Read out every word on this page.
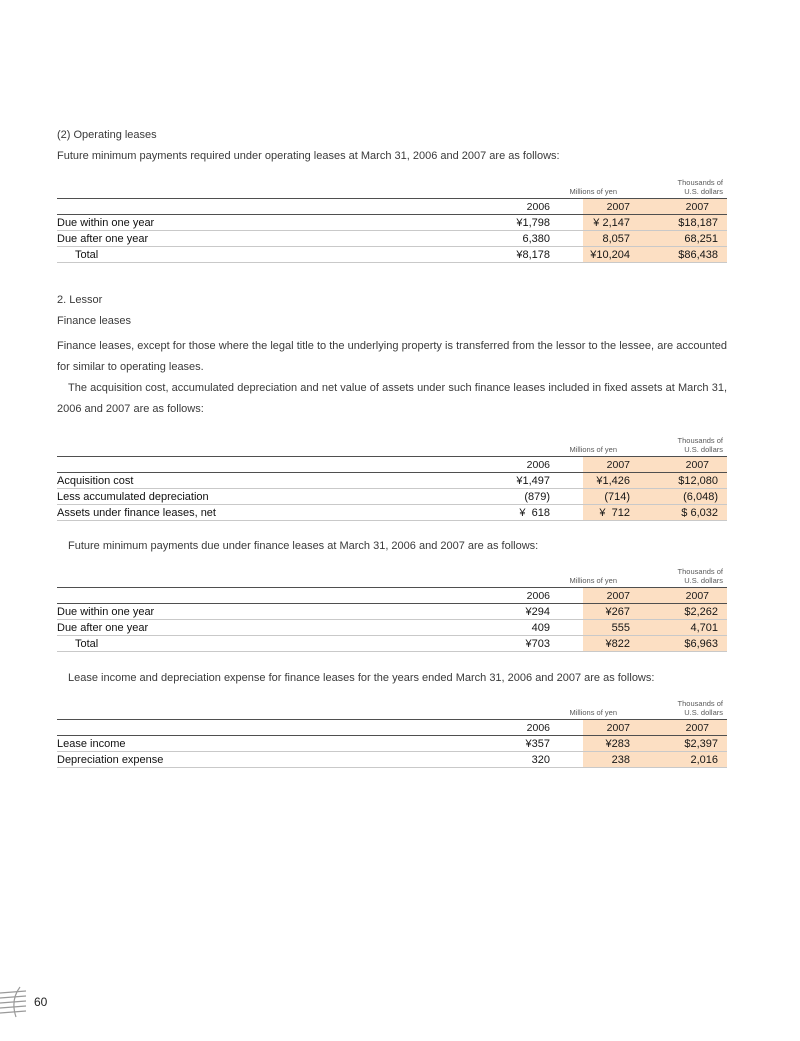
(2) Operating leases
Future minimum payments required under operating leases at March 31, 2006 and 2007 are as follows:
	Millions of yen		Thousands of
U.S. dollars

	2006	2007	2007
Due within one year	¥1,798	¥ 2,147	$18,187
Due after one year	6,380	8,057	68,251
Total	¥8,178	¥10,204	$86,438
2. Lessor
Finance leases
Finance leases, except for those where the legal title to the underlying property is transferred from the lessor to the lessee, are accounted for similar to operating leases.
The acquisition cost, accumulated depreciation and net value of assets under such finance leases included in fixed assets at March 31, 2006 and 2007 are as follows:
	Millions of yen		Thousands of
U.S. dollars

	2006	2007	2007
Acquisition cost	¥1,497	¥1,426	$12,080
Less accumulated depreciation	(879)	(714)	(6,048)
Assets under finance leases, net	¥  618	¥  712	$ 6,032
Future minimum payments due under finance leases at March 31, 2006 and 2007 are as follows:
	Millions of yen		Thousands of
U.S. dollars

	2006	2007	2007
Due within one year	¥294	¥267	$2,262
Due after one year	409	555	4,701
Total	¥703	¥822	$6,963
Lease income and depreciation expense for finance leases for the years ended March 31, 2006 and 2007 are as follows:
	Millions of yen		Thousands of
U.S. dollars

	2006	2007	2007
Lease income	¥357	¥283	$2,397
Depreciation expense	320	238	2,016
60
